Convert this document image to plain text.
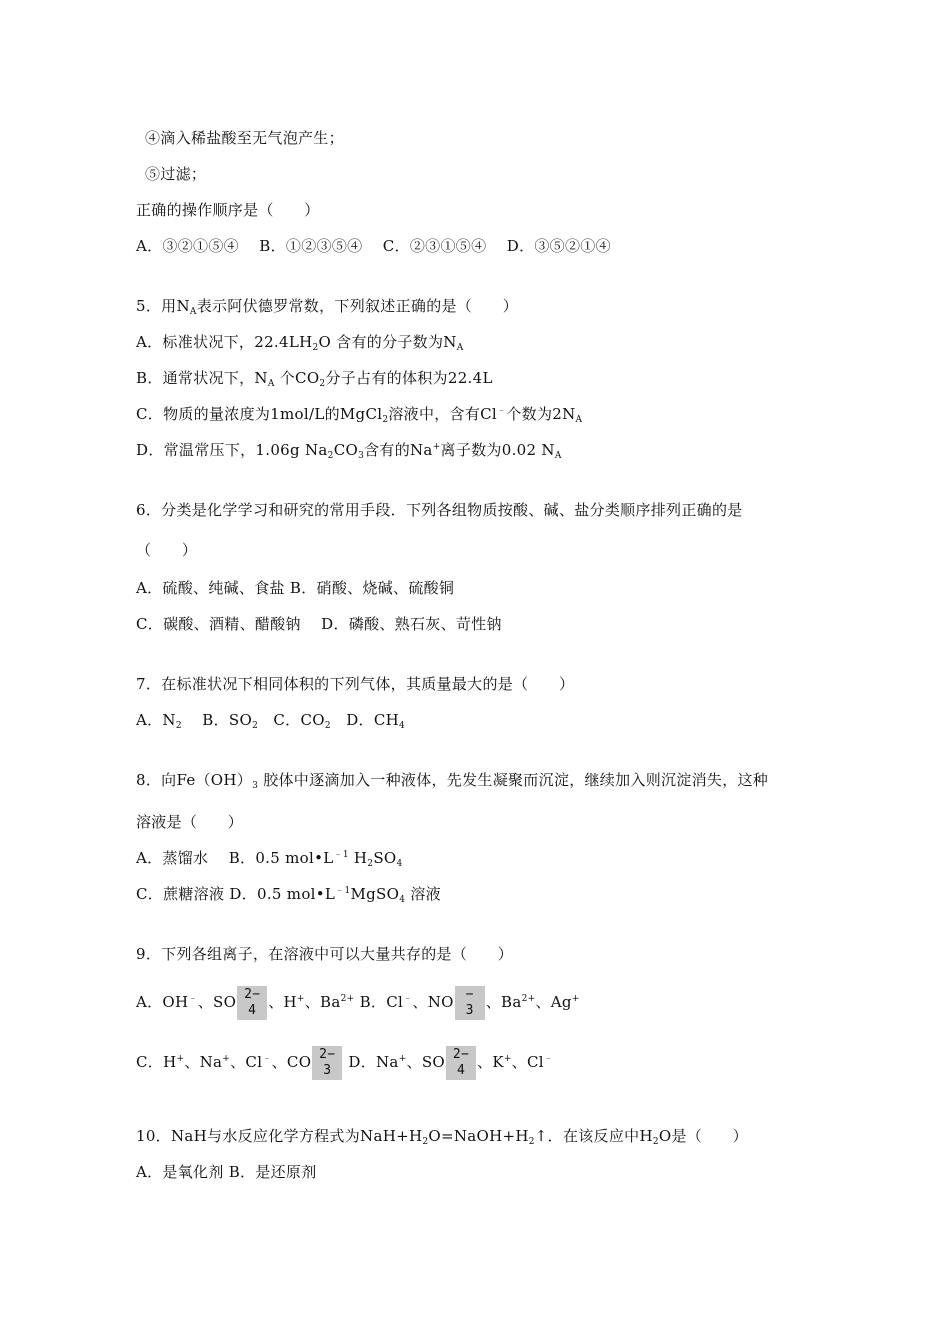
④滴入稀盐酸至无气泡产生；
⑤过滤；
正确的操作顺序是（　　）
A．③②①⑤④　 B．①②③⑤④　 C．②③①⑤④　 D．③⑤②①④
5．用$N_A$表示阿伏德罗常数，下列叙述正确的是（　　）
A．标准状况下，$22.4LH_2O$ 含有的分子数为$N_A$
B．通常状况下，$N_A$ 个$CO_2$分子占有的体积为22.4L
C．物质的量浓度为1mol/L的MgCl$_2$溶液中，含有Cl﹣个数为$2N_A$
D．常温常压下，1.06g $Na_2CO_3$含有的Na+离子数为0.02 $N_A$
6．分类是化学学习和研究的常用手段．下列各组物质按酸、碱、盐分类顺序排列正确的是
（　　）
A．硫酸、纯碱、食盐 B．硝酸、烧碱、硫酸铜
C．碳酸、酒精、醋酸钠　 D．磷酸、熟石灰、苛性钠
7．在标准状况下相同体积的下列气体，其质量最大的是（　　）
A．$N_2$　 B．$SO_2$　C．$CO_2$　D．$CH_4$
8．向$Fe(OH)_3$ 胶体中逐滴加入一种液体，先发生凝聚而沉淀，继续加入则沉淀消失，这种
溶液是（　　）
A．蒸馏水　 B．0.5 $mol•L^{﹣1}$ $H_2SO_4$
C．蔗糖溶液 D．0.5 $mol•L^{﹣1}MgSO_4$ 溶液
9．下列各组离子，在溶液中可以大量共存的是（　　）
A．OH﹣、SO 2−
4 、H+、$Ba^{2+}$ B．Cl﹣、NO −
3 、$Ba^{2+}$、Ag+
C．H+、Na+、Cl﹣、CO 2−
3 D．Na+、SO 2−
4 、K+、Cl﹣
10．NaH与水反应化学方程式为$NaH+H_2O=NaOH+H_2↑$．在该反应中$H_2O$是（　　）
A．是氧化剂 B．是还原剂
